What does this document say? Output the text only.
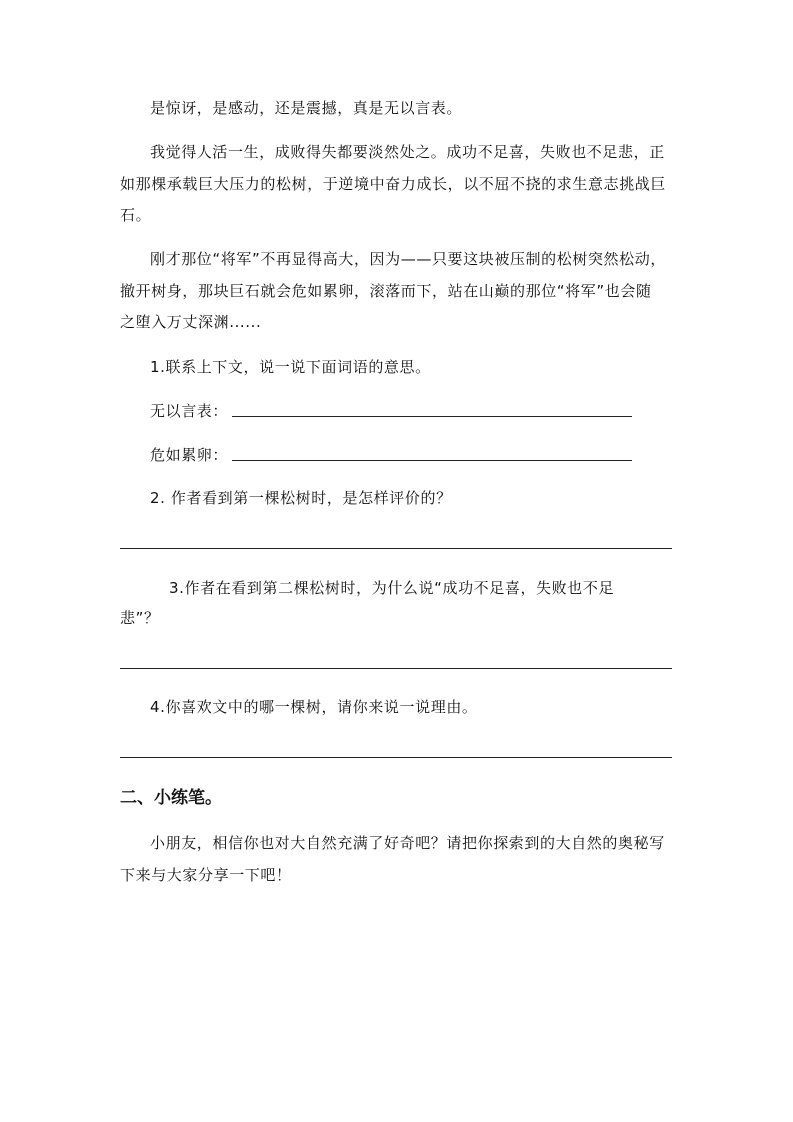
是惊讶，是感动，还是震撼，真是无以言表。
我觉得人活一生，成败得失都要淡然处之。成功不足喜，失败也不足悲，正
如那棵承载巨大压力的松树，于逆境中奋力成长，以不屈不挠的求生意志挑战巨
石。
刚才那位“将军”不再显得高大，因为——只要这块被压制的松树突然松动，
撤开树身，那块巨石就会危如累卵，滚落而下，站在山巅的那位“将军”也会随
之堕入万丈深渊......
1.联系上下文，说一说下面词语的意思。
无以言表：
危如累卵：
2. 作者看到第一棵松树时，是怎样评价的？
3.作者在看到第二棵松树时，为什么说“成功不足喜，失败也不足
悲”？
4.你喜欢文中的哪一棵树，请你来说一说理由。
二、小练笔。
小朋友，相信你也对大自然充满了好奇吧？请把你探索到的大自然的奥秘写
下来与大家分享一下吧！
